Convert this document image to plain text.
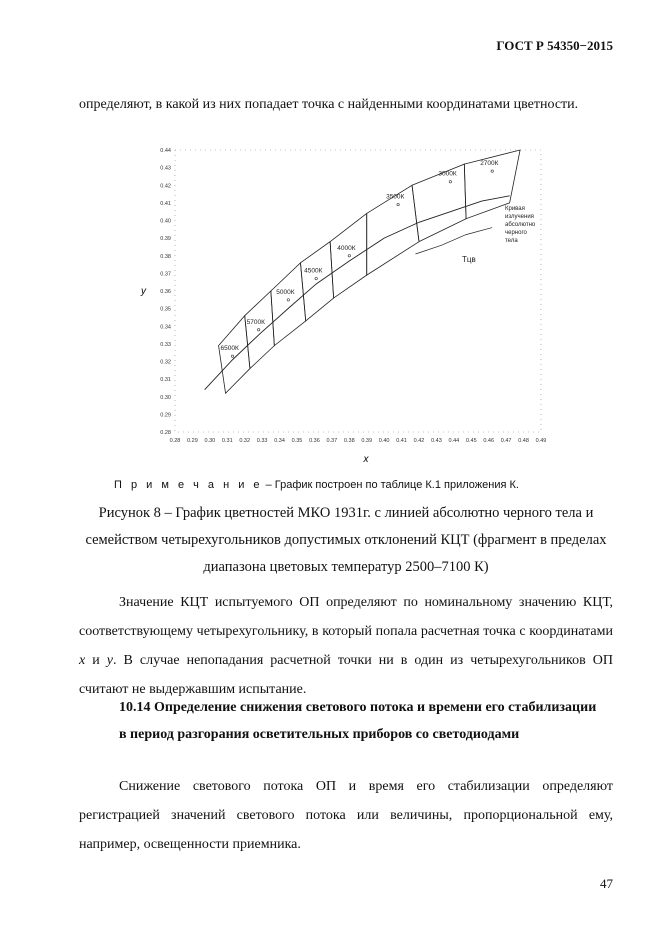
ГОСТ Р 54350−2015
определяют, в какой из них попадает точка с найденными координатами цветности.
0.28 0.29 0.30 0.31 0.32 0.33 0.34 0.35 0.36 0.37 0.38 0.39 0.40 0.41 0.42 0.43 0.44 0.45 0.46 0.47 0.48 0.49
0.28
0.29
0.30
0.31
0.32
0.33
0.34
0.35
0.36
0.37
0.38
0.39
0.40
0.41
0.42
0.43
0.44
x
y
6500К
5700К
5000К
4500К
4000К
3500К
3000К
2700К
Кривая
излучения
абсолютно
черного
тела
Tцв
П р и м е ч а н и е – График построен по таблице К.1 приложения К.
Рисунок 8 – График цветностей МКО 1931г. с линией абсолютно черного тела и семейством четырехугольников допустимых отклонений КЦТ (фрагмент в пределах диапазона цветовых температур 2500–7100 К)
Значение КЦТ испытуемого ОП определяют по номинальному значению КЦТ, соответствующему четырехугольнику, в который попала расчетная точка с координатами x и y. В случае непопадания расчетной точки ни в один из четырехугольников ОП считают не выдержавшим испытание.
10.14 Определение снижения светового потока и времени его стабилизации в период разгорания осветительных приборов со светодиодами
Снижение светового потока ОП и время его стабилизации определяют регистрацией значений светового потока или величины, пропорциональной ему, например, освещенности приемника.
47
